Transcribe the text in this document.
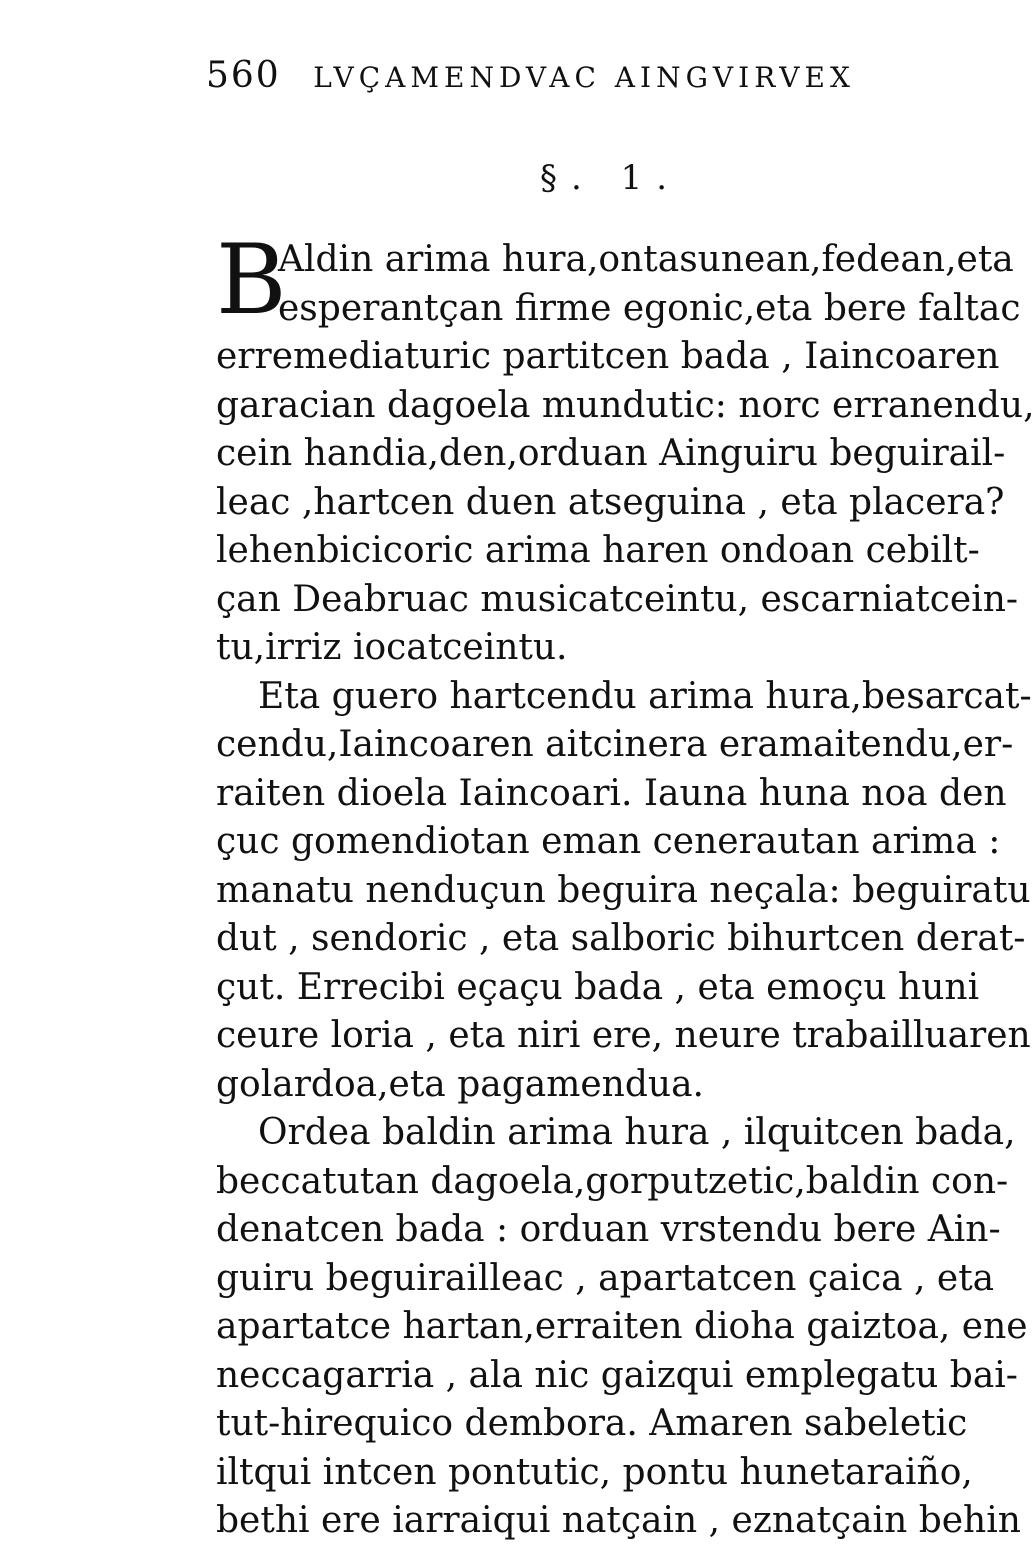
560 LVÇAMENDVAC AINGVIRVEX
§. 1.
B
Aldin arima hura,ontasunean,fedean,eta
esperantçan firme egonic,eta bere faltac
erremediaturic partitcen bada , Iaincoaren
garacian dagoela mundutic: norc erranendu,
cein handia,den,orduan Ainguiru beguirail-
leac ,hartcen duen atseguina , eta placera?
lehenbicicoric arima haren ondoan cebilt-
çan Deabruac musicatceintu, escarniatcein-
tu,irriz iocatceintu.
Eta guero hartcendu arima hura,besarcat-
cendu,Iaincoaren aitcinera eramaitendu,er-
raiten dioela Iaincoari. Iauna huna noa den
çuc gomendiotan eman cenerautan arima :
manatu nenduçun beguira neçala: beguiratu
dut , sendoric , eta salboric bihurtcen derat-
çut. Errecibi eçaçu bada , eta emoçu huni
ceure loria , eta niri ere, neure trabailluaren
golardoa,eta pagamendua.
Ordea baldin arima hura , ilquitcen bada,
beccatutan dagoela,gorputzetic,baldin con-
denatcen bada : orduan vrstendu bere Ain-
guiru beguirailleac , apartatcen çaica , eta
apartatce hartan,erraiten dioha gaiztoa, ene
neccagarria , ala nic gaizqui emplegatu bai-
tut-hirequico dembora. Amaren sabeletic
iltqui intcen pontutic, pontu hunetaraiño,
bethi ere iarraiqui natçain , eznatçain behin
